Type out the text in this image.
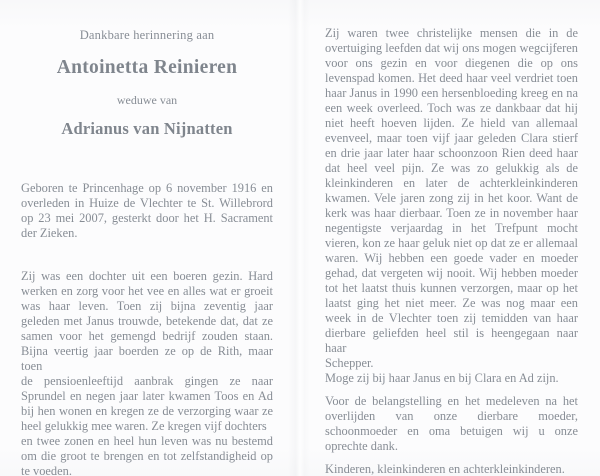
Dankbare herinnering aan
Antoinetta Reinieren
weduwe van
Adrianus van Nijnatten
Geboren te Princenhage op 6 november 1916 en
overleden in Huize de Vlechter te St. Willebrord
op 23 mei 2007, gesterkt door het H. Sacrament
der Zieken.
Zij was een dochter uit een boeren gezin. Hard
werken en zorg voor het vee en alles wat er groeit
was haar leven. Toen zij bijna zeventig jaar
geleden met Janus trouwde, betekende dat, dat ze
samen voor het gemengd bedrijf zouden staan.
Bijna veertig jaar boerden ze op de Rith, maar toen
de pensioenleeftijd aanbrak gingen ze naar
Sprundel en negen jaar later kwamen Toos en Ad
bij hen wonen en kregen ze de verzorging waar ze
heel gelukkig mee waren. Ze kregen vijf dochters
en twee zonen en heel hun leven was nu bestemd
om die groot te brengen en tot zelfstandigheid op
te voeden.
Zij waren twee christelijke mensen die in de
overtuiging leefden dat wij ons mogen wegcijferen
voor ons gezin en voor diegenen die op ons
levenspad komen. Het deed haar veel verdriet toen
haar Janus in 1990 een hersenbloeding kreeg en na
een week overleed. Toch was ze dankbaar dat hij
niet heeft hoeven lijden. Ze hield van allemaal
evenveel, maar toen vijf jaar geleden Clara stierf
en drie jaar later haar schoonzoon Rien deed haar
dat heel veel pijn. Ze was zo gelukkig als de
kleinkinderen en later de achterkleinkinderen
kwamen. Vele jaren zong zij in het koor. Want de
kerk was haar dierbaar. Toen ze in november haar
negentigste verjaardag in het Trefpunt mocht
vieren, kon ze haar geluk niet op dat ze er allemaal
waren. Wij hebben een goede vader en moeder
gehad, dat vergeten wij nooit. Wij hebben moeder
tot het laatst thuis kunnen verzorgen, maar op het
laatst ging het niet meer. Ze was nog maar een
week in de Vlechter toen zij temidden van haar
dierbare geliefden heel stil is heengegaan naar haar
Schepper.
Moge zij bij haar Janus en bij Clara en Ad zijn.
Voor de belangstelling en het medeleven na het
overlijden van onze dierbare moeder,
schoonmoeder en oma betuigen wij u onze
oprechte dank.
Kinderen, kleinkinderen en achterkleinkinderen.
